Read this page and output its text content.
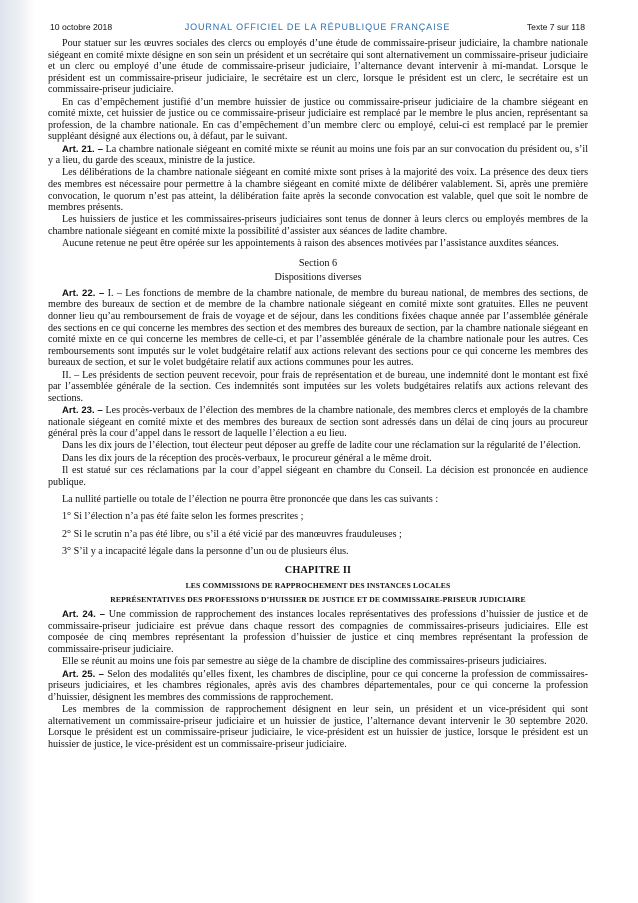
10 octobre 2018	JOURNAL OFFICIEL DE LA RÉPUBLIQUE FRANÇAISE	Texte 7 sur 118

Pour statuer sur les œuvres sociales des clercs ou employés d’une étude de commissaire-priseur judiciaire, la chambre nationale siégeant en comité mixte désigne en son sein un président et un secrétaire qui sont alternativement un commissaire-priseur judiciaire et un clerc ou employé d’une étude de commissaire-priseur judiciaire, l’alternance devant intervenir à mi-mandat. Lorsque le président est un commissaire-priseur judiciaire, le secrétaire est un clerc, lorsque le président est un clerc, le secrétaire est un commissaire-priseur judiciaire.

En cas d’empêchement justifié d’un membre huissier de justice ou commissaire-priseur judiciaire de la chambre siégeant en comité mixte, cet huissier de justice ou ce commissaire-priseur judiciaire est remplacé par le membre le plus ancien, représentant sa profession, de la chambre nationale. En cas d’empêchement d’un membre clerc ou employé, celui-ci est remplacé par le premier suppléant désigné aux élections ou, à défaut, par le suivant.

Art. 21. – La chambre nationale siégeant en comité mixte se réunit au moins une fois par an sur convocation du président ou, s’il y a lieu, du garde des sceaux, ministre de la justice.

Les délibérations de la chambre nationale siégeant en comité mixte sont prises à la majorité des voix. La présence des deux tiers des membres est nécessaire pour permettre à la chambre siégeant en comité mixte de délibérer valablement. Si, après une première convocation, le quorum n’est pas atteint, la délibération faite après la seconde convocation est valable, quel que soit le nombre de membres présents.

Les huissiers de justice et les commissaires-priseurs judiciaires sont tenus de donner à leurs clercs ou employés membres de la chambre nationale siégeant en comité mixte la possibilité d’assister aux séances de ladite chambre.

Aucune retenue ne peut être opérée sur les appointements à raison des absences motivées par l’assistance auxdites séances.

Section 6
Dispositions diverses

Art. 22. – I. – Les fonctions de membre de la chambre nationale, de membre du bureau national, de membres des sections, de membre des bureaux de section et de membre de la chambre nationale siégeant en comité mixte sont gratuites. Elles ne peuvent donner lieu qu’au remboursement de frais de voyage et de séjour, dans les conditions fixées chaque année par l’assemblée générale des sections en ce qui concerne les membres des section et des membres des bureaux de section, par la chambre nationale siégeant en comité mixte en ce qui concerne les membres de celle-ci, et par l’assemblée générale de la chambre nationale pour les autres. Ces remboursements sont imputés sur le volet budgétaire relatif aux actions relevant des sections pour ce qui concerne les membres des bureaux de section, et sur le volet budgétaire relatif aux actions communes pour les autres.

II. – Les présidents de section peuvent recevoir, pour frais de représentation et de bureau, une indemnité dont le montant est fixé par l’assemblée générale de la section. Ces indemnités sont imputées sur les volets budgétaires relatifs aux actions relevant des sections.

Art. 23. – Les procès-verbaux de l’élection des membres de la chambre nationale, des membres clercs et employés de la chambre nationale siégeant en comité mixte et des membres des bureaux de section sont adressés dans un délai de cinq jours au procureur général près la cour d’appel dans le ressort de laquelle l’élection a eu lieu.

Dans les dix jours de l’élection, tout électeur peut déposer au greffe de ladite cour une réclamation sur la régularité de l’élection.

Dans les dix jours de la réception des procès-verbaux, le procureur général a le même droit.

Il est statué sur ces réclamations par la cour d’appel siégeant en chambre du Conseil. La décision est prononcée en audience publique.

La nullité partielle ou totale de l’élection ne pourra être prononcée que dans les cas suivants :

1° Si l’élection n’a pas été faite selon les formes prescrites ;

2° Si le scrutin n’a pas été libre, ou s’il a été vicié par des manœuvres frauduleuses ;

3° S’il y a incapacité légale dans la personne d’un ou de plusieurs élus.

CHAPITRE II
LES COMMISSIONS DE RAPPROCHEMENT DES INSTANCES LOCALES
REPRÉSENTATIVES DES PROFESSIONS D’HUISSIER DE JUSTICE ET DE COMMISSAIRE-PRISEUR JUDICIAIRE

Art. 24. – Une commission de rapprochement des instances locales représentatives des professions d’huissier de justice et de commissaire-priseur judiciaire est prévue dans chaque ressort des compagnies de commissaires-priseurs judiciaires. Elle est composée de cinq membres représentant la profession d’huissier de justice et cinq membres représentant la profession de commissaire-priseur judiciaire.

Elle se réunit au moins une fois par semestre au siège de la chambre de discipline des commissaires-priseurs judiciaires.

Art. 25. – Selon des modalités qu’elles fixent, les chambres de discipline, pour ce qui concerne la profession de commissaires-priseurs judiciaires, et les chambres régionales, après avis des chambres départementales, pour ce qui concerne la profession d’huissier, désignent les membres des commissions de rapprochement.

Les membres de la commission de rapprochement désignent en leur sein, un président et un vice-président qui sont alternativement un commissaire-priseur judiciaire et un huissier de justice, l’alternance devant intervenir le 30 septembre 2020. Lorsque le président est un commissaire-priseur judiciaire, le vice-président est un huissier de justice, lorsque le président est un huissier de justice, le vice-président est un commissaire-priseur judiciaire.
